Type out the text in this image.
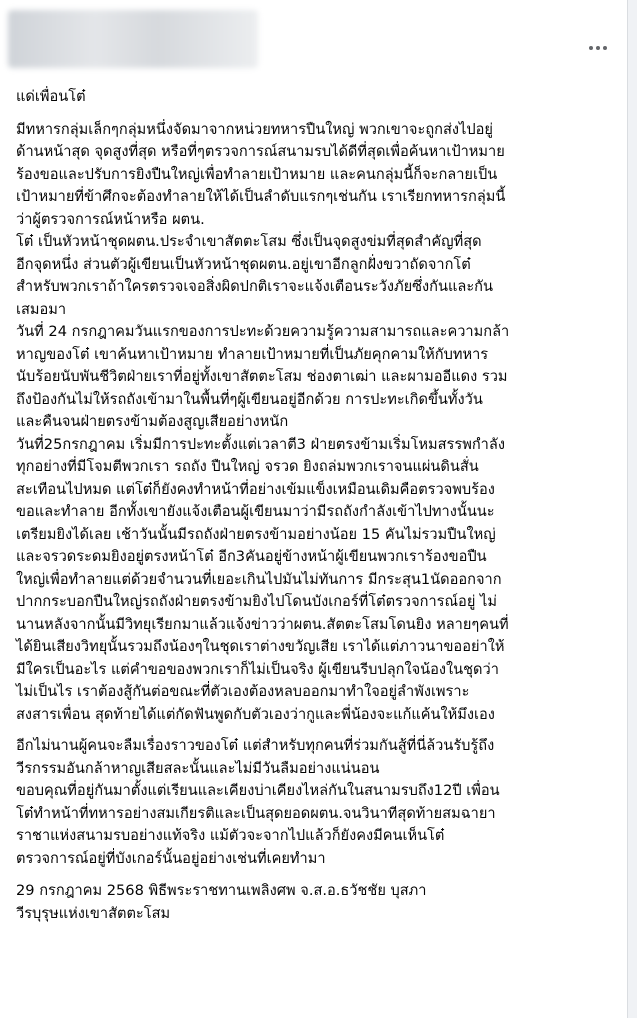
แด่เพื่อนโต๋

มีทหารกลุ่มเล็กๆกลุ่มหนึ่งจัดมาจากหน่วยทหารปืนใหญ่ พวกเขาจะถูกส่งไปอยู่
ด้านหน้าสุด จุดสูงที่สุด หรือที่ๆตรวจการณ์สนามรบได้ดีที่สุดเพื่อค้นหาเป้าหมาย
ร้องขอและปรับการยิงปืนใหญ่เพื่อทำลายเป้าหมาย และคนกลุ่มนี้ก็จะกลายเป็น
เป้าหมายที่ข้าศึกจะต้องทำลายให้ได้เป็นลำดับแรกๆเช่นกัน เราเรียกทหารกลุ่มนี้
ว่าผู้ตรวจการณ์หน้าหรือ ผตน.
โต๋ เป็นหัวหน้าชุดผตน.ประจำเขาสัตตะโสม ซึ่งเป็นจุดสูงข่มที่สุดสำคัญที่สุด
อีกจุดหนึ่ง ส่วนตัวผู้เขียนเป็นหัวหน้าชุดผตน.อยู่เขาอีกลูกฝั่งขวาถัดจากโต๋
สำหรับพวกเราถ้าใครตรวจเจอสิ่งผิดปกติเราจะแจ้งเตือนระวังภัยซึ่งกันและกัน
เสมอมา
วันที่ 24 กรกฎาคมวันแรกของการปะทะด้วยความรู้ความสามารถและความกล้า
หาญของโต๋ เขาค้นหาเป้าหมาย ทำลายเป้าหมายที่เป็นภัยคุกคามให้กับทหาร
นับร้อยนับพันชีวิตฝ่ายเราที่อยู่ทั้งเขาสัตตะโสม ช่องตาเฒ่า และผามออีแดง รวม
ถึงป้องกันไม่ให้รถถังเข้ามาในพื้นที่ๆผู้เขียนอยู่อีกด้วย การปะทะเกิดขึ้นทั้งวัน
และคืนจนฝ่ายตรงข้ามต้องสูญเสียอย่างหนัก
วันที่25กรกฎาคม เริ่มมีการปะทะตั้งแต่เวลาตี3 ฝ่ายตรงข้ามเริ่มโหมสรรพกำลัง
ทุกอย่างที่มีโจมตีพวกเรา รถถัง ปืนใหญ่ จรวด ยิงถล่มพวกเราจนแผ่นดินสั่น
สะเทือนไปหมด แต่โต๋ก็ยังคงทำหน้าที่อย่างเข้มแข็งเหมือนเดิมคือตรวจพบร้อง
ขอและทำลาย อีกทั้งเขายังแจ้งเตือนผู้เขียนมาว่ามีรถถังกำลังเข้าไปทางนั้นนะ
เตรียมยิงได้เลย เช้าวันนั้นมีรถถังฝ่ายตรงข้ามอย่างน้อย 15 คันไม่รวมปืนใหญ่
และจรวดระดมยิงอยู่ตรงหน้าโต๋ อีก3คันอยู่ข้างหน้าผู้เขียนพวกเราร้องขอปืน
ใหญ่เพื่อทำลายแต่ด้วยจำนวนที่เยอะเกินไปมันไม่ทันการ มีกระสุน1นัดออกจาก
ปากกระบอกปืนใหญ่รถถังฝ่ายตรงข้ามยิงไปโดนบังเกอร์ที่โต๋ตรวจการณ์อยู่ ไม่
นานหลังจากนั้นมีวิทยุเรียกมาแล้วแจ้งข่าวว่าผตน.สัตตะโสมโดนยิง หลายๆคนที่
ได้ยินเสียงวิทยุนั้นรวมถึงน้องๆในชุดเราต่างขวัญเสีย เราได้แต่ภาวนาขออย่าให้
มีใครเป็นอะไร แต่คำขอของพวกเราก็ไม่เป็นจริง ผู้เขียนรีบปลุกใจน้องในชุดว่า
ไม่เป็นไร เราต้องสู้กันต่อขณะที่ตัวเองต้องหลบออกมาทำใจอยู่ลำพังเพราะ
สงสารเพื่อน สุดท้ายได้แต่กัดฟันพูดกับตัวเองว่ากูและพี่น้องจะแก้แค้นให้มึงเอง

อีกไม่นานผู้คนจะลืมเรื่องราวของโต๋ แต่สำหรับทุกคนที่ร่วมกันสู้ที่นี่ล้วนรับรู้ถึง
วีรกรรมอันกล้าหาญเสียสละนั้นและไม่มีวันลืมอย่างแน่นอน
ขอบคุณที่อยู่กันมาตั้งแต่เรียนและเคียงบ่าเคียงไหล่กันในสนามรบถึง12ปี เพื่อน
โต๋ทำหน้าที่ทหารอย่างสมเกียรติและเป็นสุดยอดผตน.จนวินาทีสุดท้ายสมฉายา
ราชาแห่งสนามรบอย่างแท้จริง แม้ตัวจะจากไปแล้วก็ยังคงมีคนเห็นโต๋
ตรวจการณ์อยู่ที่บังเกอร์นั้นอยู่อย่างเช่นที่เคยทำมา

29 กรกฎาคม 2568 พิธีพระราชทานเพลิงศพ จ.ส.อ.ธวัชชัย บุสภา
วีรบุรุษแห่งเขาสัตตะโสม
